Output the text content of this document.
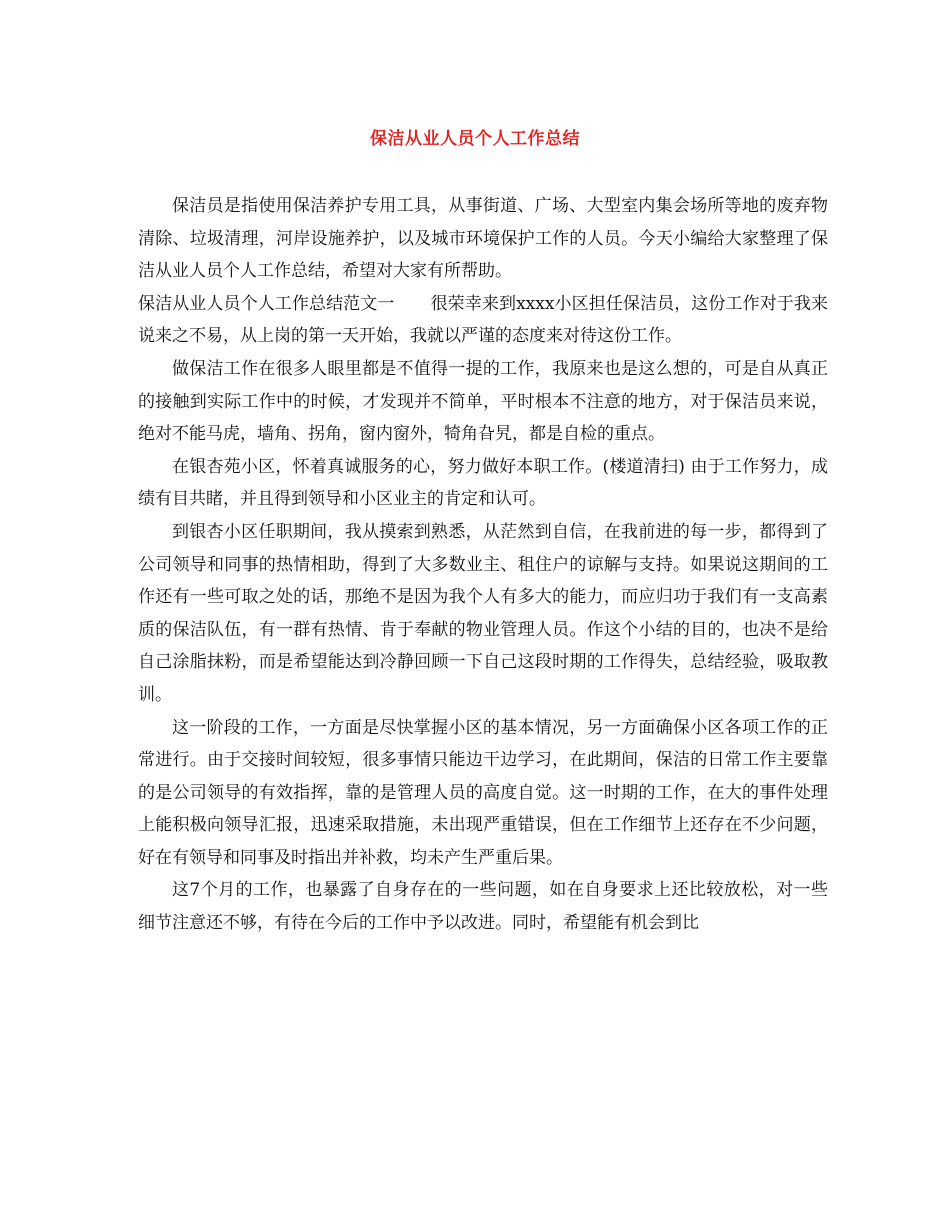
保洁从业人员个人工作总结

保洁员是指使用保洁养护专用工具，从事街道、广场、大型室内集会场所等地的废弃物清除、垃圾清理，河岸设施养护，以及城市环境保护工作的人员。今天小编给大家整理了保洁从业人员个人工作总结，希望对大家有所帮助。

保洁从业人员个人工作总结范文一 很荣幸来到xxxx小区担任保洁员，这份工作对于我来说来之不易，从上岗的第一天开始，我就以严谨的态度来对待这份工作。

做保洁工作在很多人眼里都是不值得一提的工作，我原来也是这么想的，可是自从真正的接触到实际工作中的时候，才发现并不简单，平时根本不注意的地方，对于保洁员来说，绝对不能马虎，墙角、拐角，窗内窗外，犄角旮旯，都是自检的重点。

在银杏苑小区，怀着真诚服务的心，努力做好本职工作。(楼道清扫) 由于工作努力，成绩有目共睹，并且得到领导和小区业主的肯定和认可。

到银杏小区任职期间，我从摸索到熟悉，从茫然到自信，在我前进的每一步，都得到了公司领导和同事的热情相助，得到了大多数业主、租住户的谅解与支持。如果说这期间的工作还有一些可取之处的话，那绝不是因为我个人有多大的能力，而应归功于我们有一支高素质的保洁队伍，有一群有热情、肯于奉献的物业管理人员。作这个小结的目的，也决不是给自己涂脂抹粉，而是希望能达到冷静回顾一下自己这段时期的工作得失，总结经验，吸取教训。

这一阶段的工作，一方面是尽快掌握小区的基本情况，另一方面确保小区各项工作的正常进行。由于交接时间较短，很多事情只能边干边学习，在此期间，保洁的日常工作主要靠的是公司领导的有效指挥，靠的是管理人员的高度自觉。这一时期的工作，在大的事件处理上能积极向领导汇报，迅速采取措施，未出现严重错误，但在工作细节上还存在不少问题，好在有领导和同事及时指出并补救，均未产生严重后果。

这7个月的工作，也暴露了自身存在的一些问题，如在自身要求上还比较放松，对一些细节注意还不够，有待在今后的工作中予以改进。同时，希望能有机会到比
